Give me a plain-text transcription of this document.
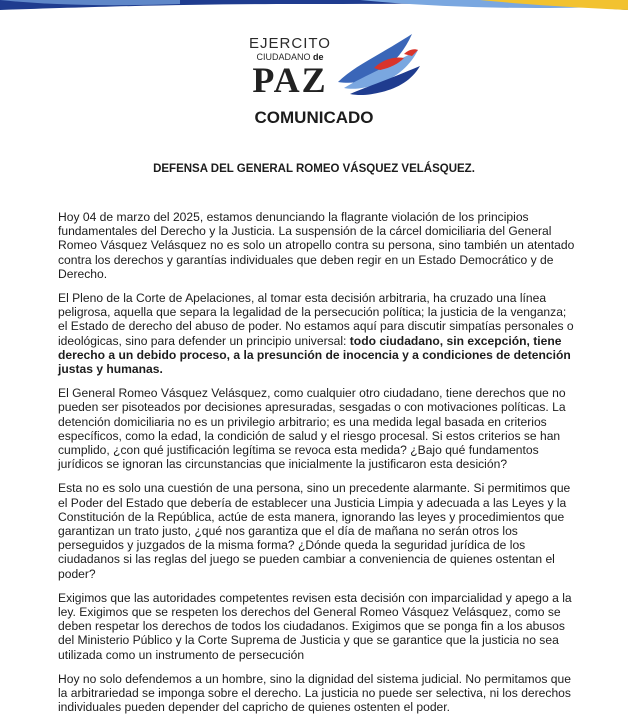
EJERCITO
CIUDADANO de
PAZ
COMUNICADO
DEFENSA DEL GENERAL ROMEO VÁSQUEZ VELÁSQUEZ.

Hoy 04 de marzo del 2025, estamos denunciando la flagrante violación de los principios fundamentales del Derecho y la Justicia. La suspensión de la cárcel domiciliaria del General Romeo Vásquez Velásquez no es solo un atropello contra su persona, sino también un atentado contra los derechos y garantías individuales que deben regir en un Estado Democrático y de Derecho.

El Pleno de la Corte de Apelaciones, al tomar esta decisión arbitraria, ha cruzado una línea peligrosa, aquella que separa la legalidad de la persecución política; la justicia de la venganza; el Estado de derecho del abuso de poder. No estamos aquí para discutir simpatías personales o ideológicas, sino para defender un principio universal: todo ciudadano, sin excepción, tiene derecho a un debido proceso, a la presunción de inocencia y a condiciones de detención justas y humanas.

El General Romeo Vásquez Velásquez, como cualquier otro ciudadano, tiene derechos que no pueden ser pisoteados por decisiones apresuradas, sesgadas o con motivaciones políticas. La detención domiciliaria no es un privilegio arbitrario; es una medida legal basada en criterios específicos, como la edad, la condición de salud y el riesgo procesal. Si estos criterios se han cumplido, ¿con qué justificación legítima se revoca esta medida? ¿Bajo qué fundamentos jurídicos se ignoran las circunstancias que inicialmente la justificaron esta desición?

Esta no es solo una cuestión de una persona, sino un precedente alarmante. Si permitimos que el Poder del Estado que debería de establecer una Justicia Limpia y adecuada a las Leyes y la Constitución de la República, actúe de esta manera, ignorando las leyes y procedimientos que garantizan un trato justo, ¿qué nos garantiza que el día de mañana no serán otros los perseguidos y juzgados de la misma forma? ¿Dónde queda la seguridad jurídica de los ciudadanos si las reglas del juego se pueden cambiar a conveniencia de quienes ostentan el poder?

Exigimos que las autoridades competentes revisen esta decisión con imparcialidad y apego a la ley. Exigimos que se respeten los derechos del General Romeo Vásquez Velásquez, como se deben respetar los derechos de todos los ciudadanos. Exigimos que se ponga fin a los abusos del Ministerio Público y la Corte Suprema de Justicia y que se garantice que la justicia no sea utilizada como un instrumento de persecución

Hoy no solo defendemos a un hombre, sino la dignidad del sistema judicial. No permitamos que la arbitrariedad se imponga sobre el derecho. La justicia no puede ser selectiva, ni los derechos individuales pueden depender del capricho de quienes ostenten el poder.
